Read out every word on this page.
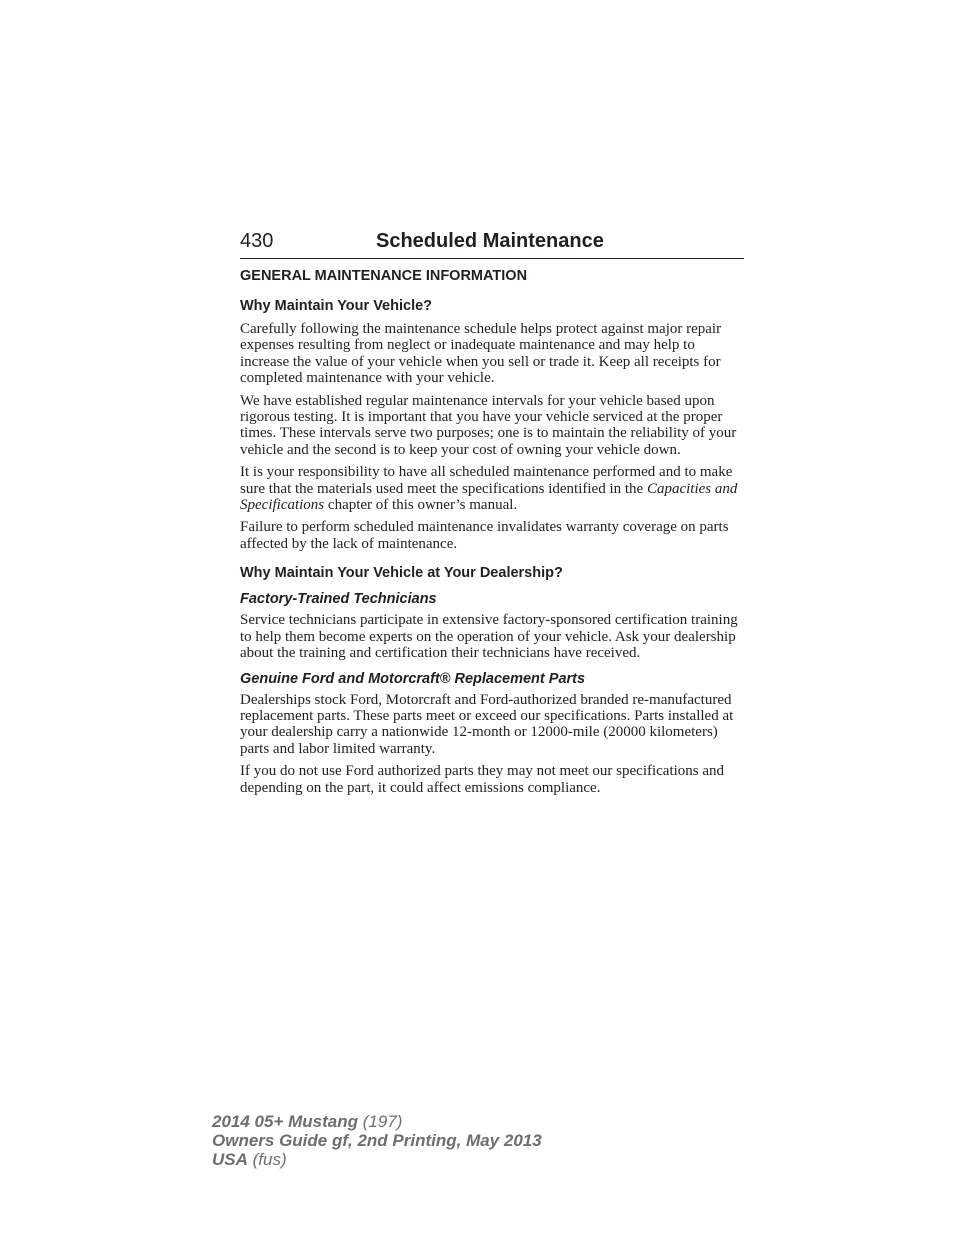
430	Scheduled Maintenance
GENERAL MAINTENANCE INFORMATION
Why Maintain Your Vehicle?

Carefully following the maintenance schedule helps protect against major repair expenses resulting from neglect or inadequate maintenance and may help to increase the value of your vehicle when you sell or trade it. Keep all receipts for completed maintenance with your vehicle.

We have established regular maintenance intervals for your vehicle based upon rigorous testing. It is important that you have your vehicle serviced at the proper times. These intervals serve two purposes; one is to maintain the reliability of your vehicle and the second is to keep your cost of owning your vehicle down.

It is your responsibility to have all scheduled maintenance performed and to make sure that the materials used meet the specifications identified in the Capacities and Specifications chapter of this owner’s manual.

Failure to perform scheduled maintenance invalidates warranty coverage on parts affected by the lack of maintenance.

Why Maintain Your Vehicle at Your Dealership?
Factory-Trained Technicians

Service technicians participate in extensive factory-sponsored certification training to help them become experts on the operation of your vehicle. Ask your dealership about the training and certification their technicians have received.

Genuine Ford and Motorcraft® Replacement Parts

Dealerships stock Ford, Motorcraft and Ford-authorized branded re-manufactured replacement parts. These parts meet or exceed our specifications. Parts installed at your dealership carry a nationwide 12-month or 12000-mile (20000 kilometers) parts and labor limited warranty.

If you do not use Ford authorized parts they may not meet our specifications and depending on the part, it could affect emissions compliance.

2014 05+ Mustang (197)
Owners Guide gf, 2nd Printing, May 2013
USA (fus)
